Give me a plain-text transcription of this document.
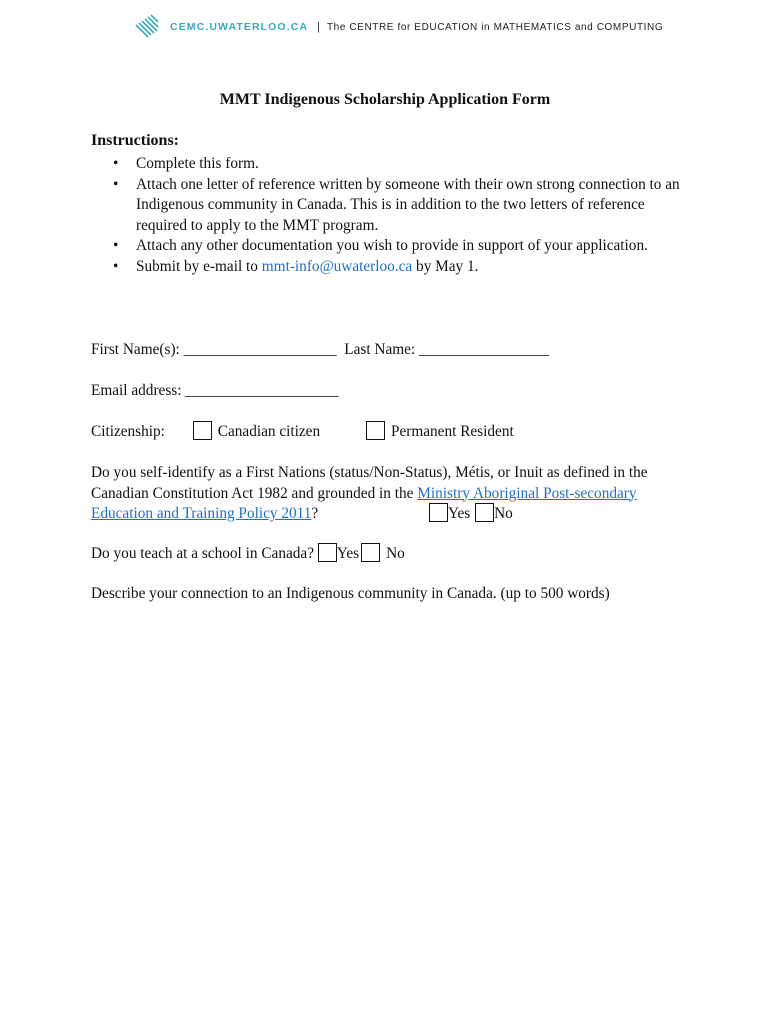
CEMC.UWATERLOO.CA | The CENTRE for EDUCATION in MATHEMATICS and COMPUTING
MMT Indigenous Scholarship Application Form
Instructions:
• Complete this form.
• Attach one letter of reference written by someone with their own strong connection to an Indigenous community in Canada. This is in addition to the two letters of reference required to apply to the MMT program.
• Attach any other documentation you wish to provide in support of your application.
• Submit by e-mail to mmt-info@uwaterloo.ca by May 1.
First Name(s): ____________________ Last Name: _________________
Email address: ____________________
Citizenship:	Canadian citizen	Permanent Resident
Do you self-identify as a First Nations (status/Non-Status), Métis, or Inuit as defined in the Canadian Constitution Act 1982 and grounded in the Ministry Aboriginal Post-secondary Education and Training Policy 2011?	Yes No
Do you teach at a school in Canada? Yes No
Describe your connection to an Indigenous community in Canada. (up to 500 words)
